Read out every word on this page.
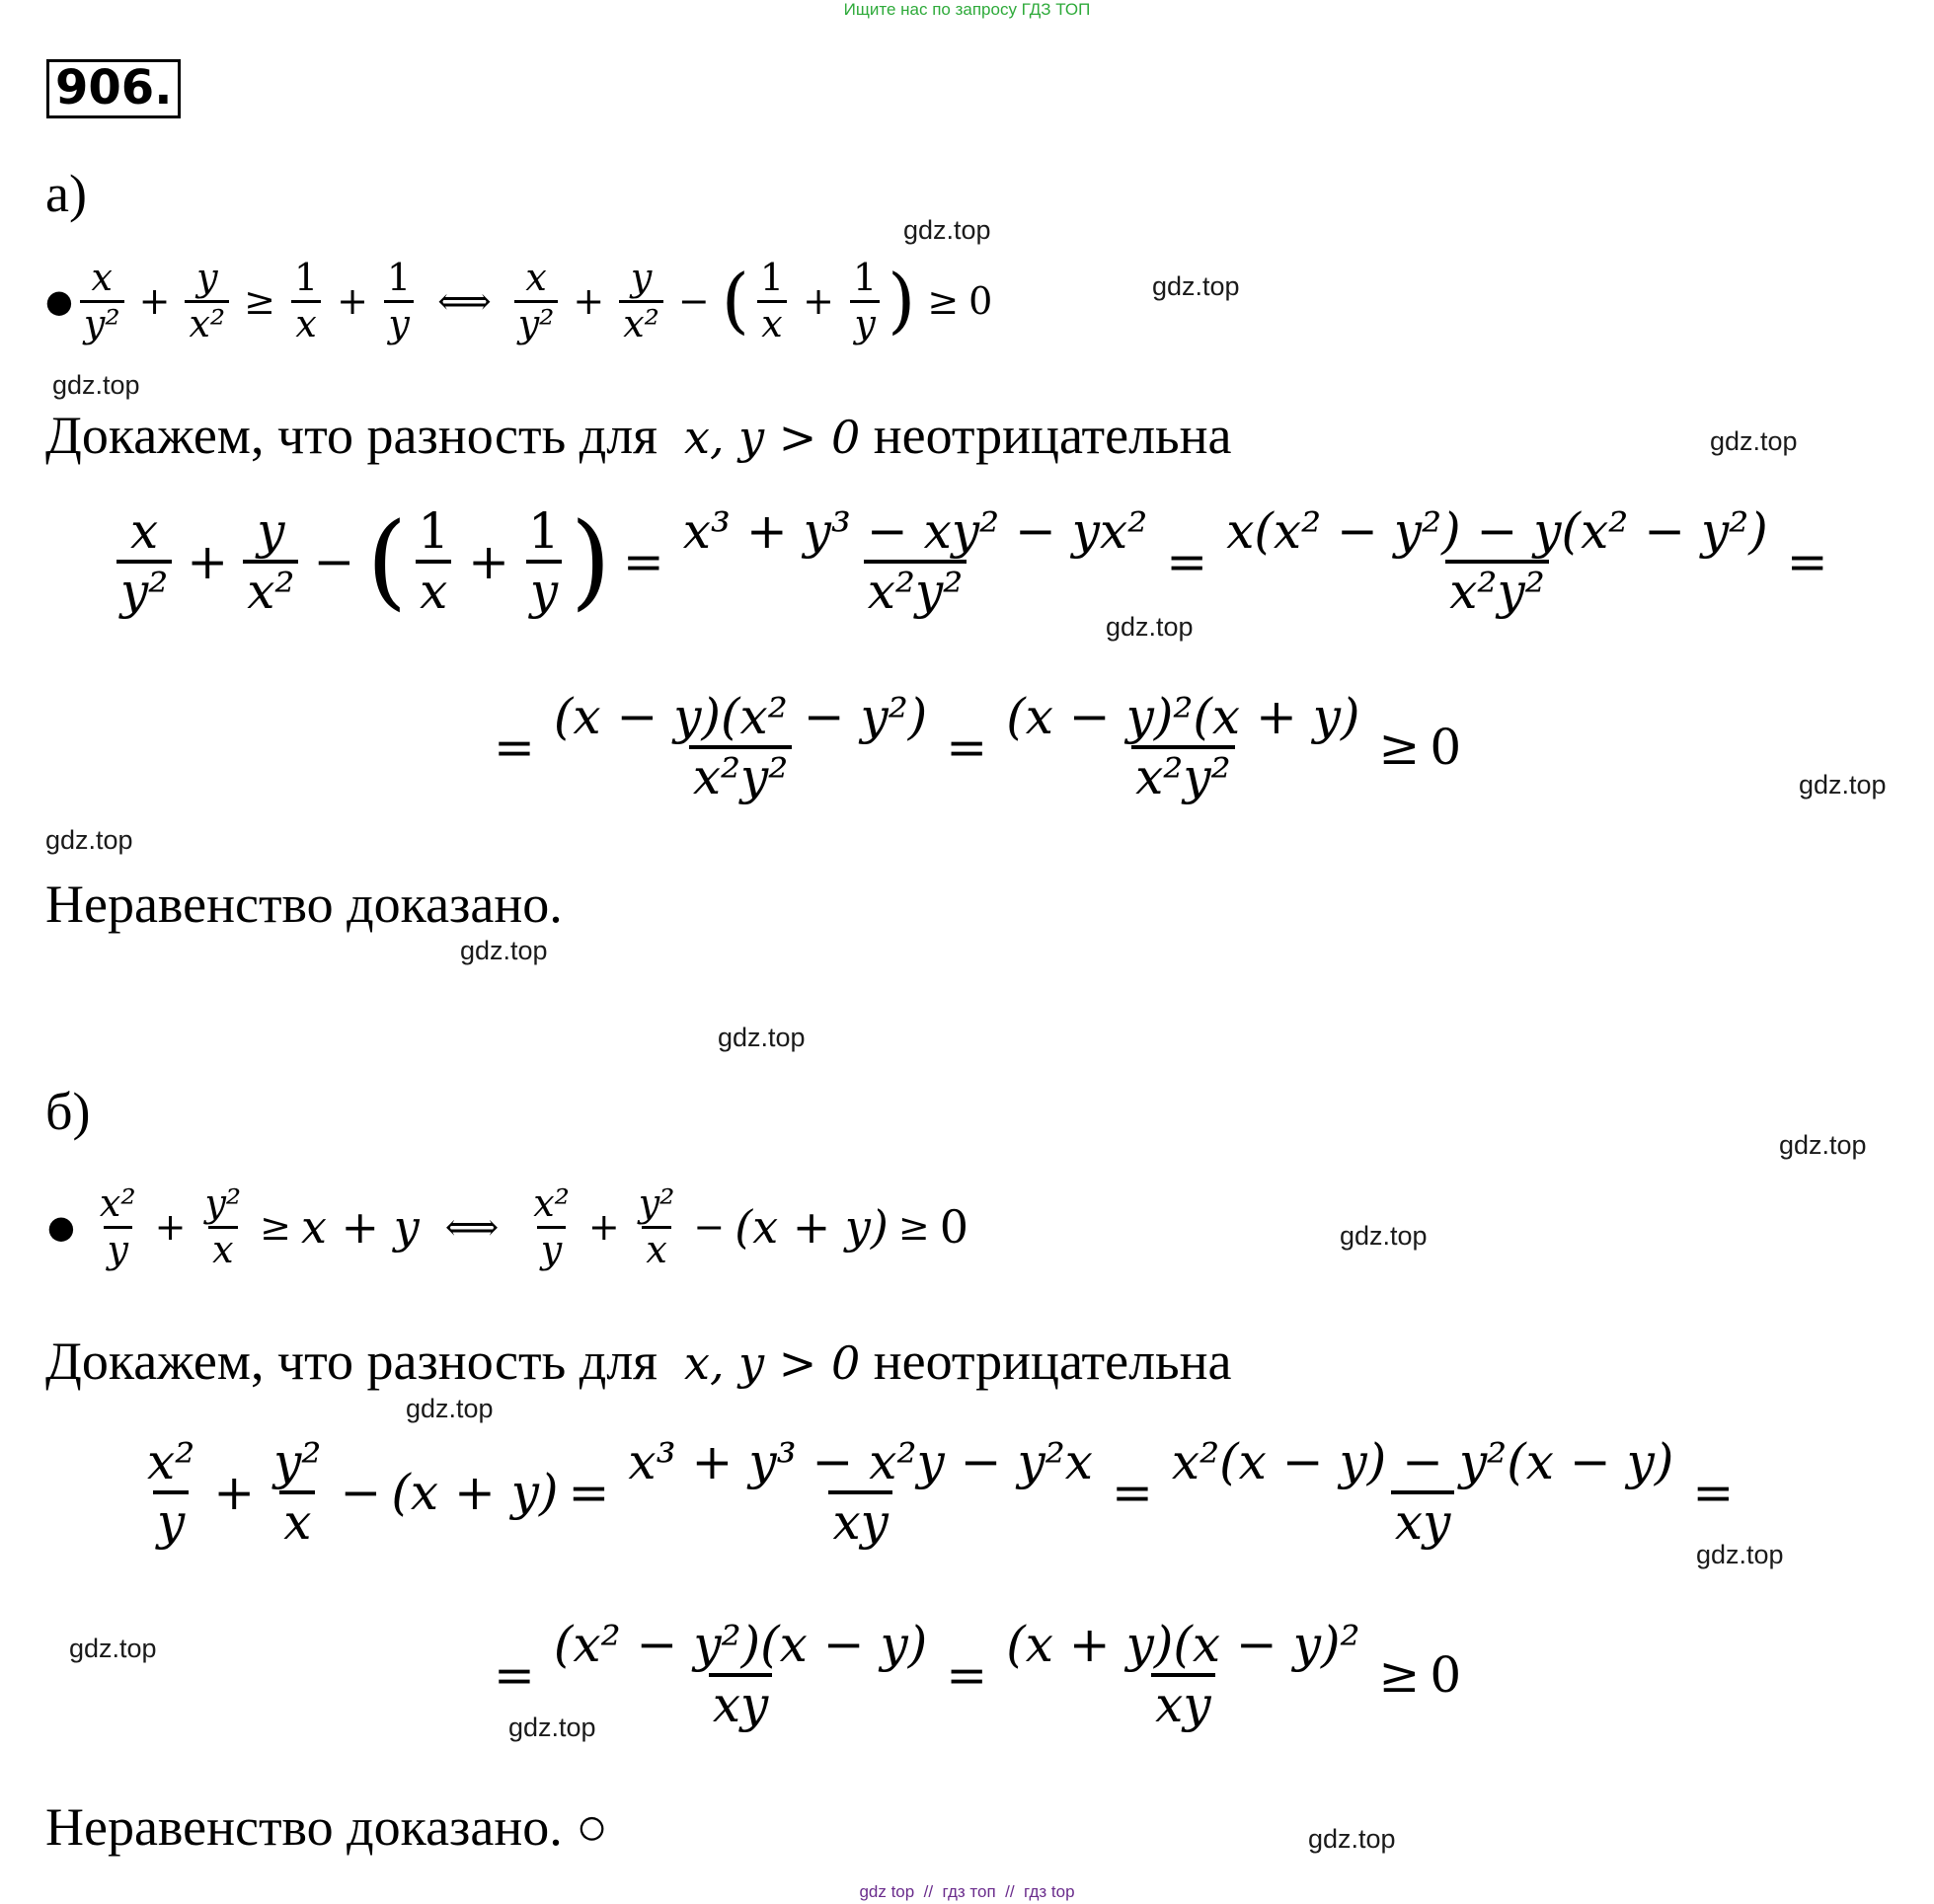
Ищите нас по запросу ГДЗ ТОП
906.
а)
● $\frac{x}{\text{y²}} + \frac{y}{\text{x²}} \ge \frac{1}{x} + \frac{1}{y}$ ⟺ $\frac{x}{\text{y²}} + \frac{y}{\text{x²}}$ − ( $\frac{1}{x} + \frac{1}{y}$ ) ≥ 0
Докажем, что разность для x, y > 0 неотрицательна
$\frac{x}{\text{y²}} + \frac{y}{\text{x²}}$ − ( $\frac{1}{x} + \frac{1}{y}$ ) = $\frac{\text{x³ + y³ − xy² − yx²}}{\text{x²y²}} = \frac{\text{x(x² − y²) − y(x² − y²)}}{\text{x²y²}}$ =
= $\frac{\text{(x − y)(x² − y²)}}{\text{x²y²}} = \frac{\text{(x − y)²(x + y)}}{\text{x²y²}} \ge 0$
Неравенство доказано.
б)
● $\frac{\text{x²}}{y} + \frac{\text{y²}}{x} \ge x + y$ ⟺ $\frac{\text{x²}}{y} + \frac{\text{y²}}{x} - (x + y) \ge 0$
Докажем, что разность для x, y > 0 неотрицательна
$\frac{\text{x²}}{y} + \frac{\text{y²}}{x} - (x + y) = \frac{\text{x³ + y³ − x²y − y²x}}{xy} = \frac{\text{x²(x − y) − y²(x − y)}}{xy}$ =
= $\frac{\text{(x² − y²)(x − y)}}{xy} = \frac{\text{(x + y)(x − y)²}}{xy} \ge 0$
Неравенство доказано. ○
gdz.top
gdz.top
gdz.top
gdz.top
gdz.top
gdz.top
gdz.top
gdz.top
gdz.top
gdz.top
gdz.top
gdz.top
gdz.top
gdz.top
gdz.top
gdz.top
gdz top  //  гдз топ  //  гдз top
